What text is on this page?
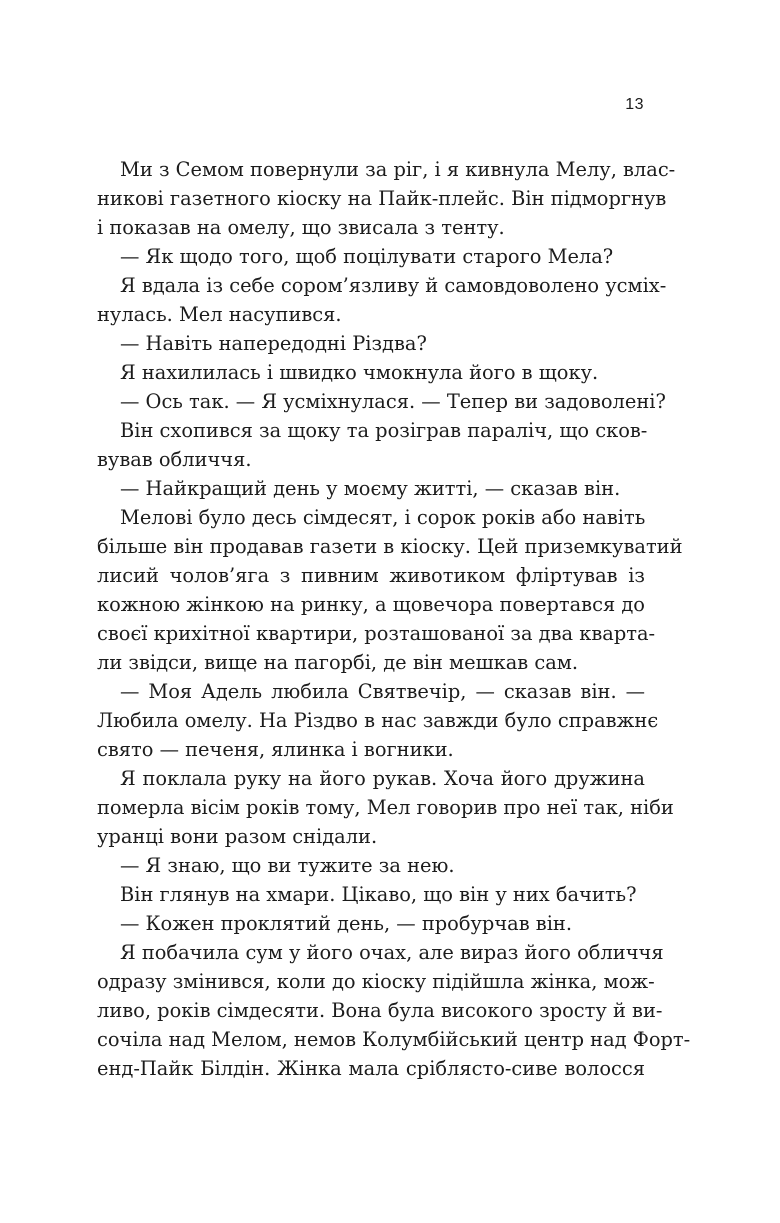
13
Ми з Семом повернули за ріг, і я кивнула Мелу, влас-
никові газетного кіоску на Пайк-плейс. Він підморгнув
і показав на омелу, що звисала з тенту.
— Як щодо того, щоб поцілувати старого Мела?
Я вдала із себе сором’язливу й самовдоволено усміх-
нулась. Мел насупився.
— Навіть напередодні Різдва?
Я нахилилась і швидко чмокнула його в щоку.
— Ось так. — Я усміхнулася. — Тепер ви задоволені?
Він схопився за щоку та розіграв параліч, що сков-
вував обличчя.
— Найкращий день у моєму житті, — сказав він.
Мелові було десь сімдесят, і сорок років або навіть
більше він продавав газети в кіоску. Цей приземкуватий
лисий чолов’яга з пивним животиком фліртував із
кожною жінкою на ринку, а щовечора повертався до
своєї крихітної квартири, розташованої за два кварта-
ли звідси, вище на пагорбі, де він мешкав сам.
— Моя Адель любила Святвечір, — сказав він. —
Любила омелу. На Різдво в нас завжди було справжнє
свято — печеня, ялинка і вогники.
Я поклала руку на його рукав. Хоча його дружина
померла вісім років тому, Мел говорив про неї так, ніби
уранці вони разом снідали.
— Я знаю, що ви тужите за нею.
Він глянув на хмари. Цікаво, що він у них бачить?
— Кожен проклятий день, — пробурчав він.
Я побачила сум у його очах, але вираз його обличчя
одразу змінився, коли до кіоску підійшла жінка, мож-
ливо, років сімдесяти. Вона була високого зросту й ви-
сочіла над Мелом, немов Колумбійський центр над Форт-
енд-Пайк Білдін. Жінка мала сріблясто-сиве волосся
